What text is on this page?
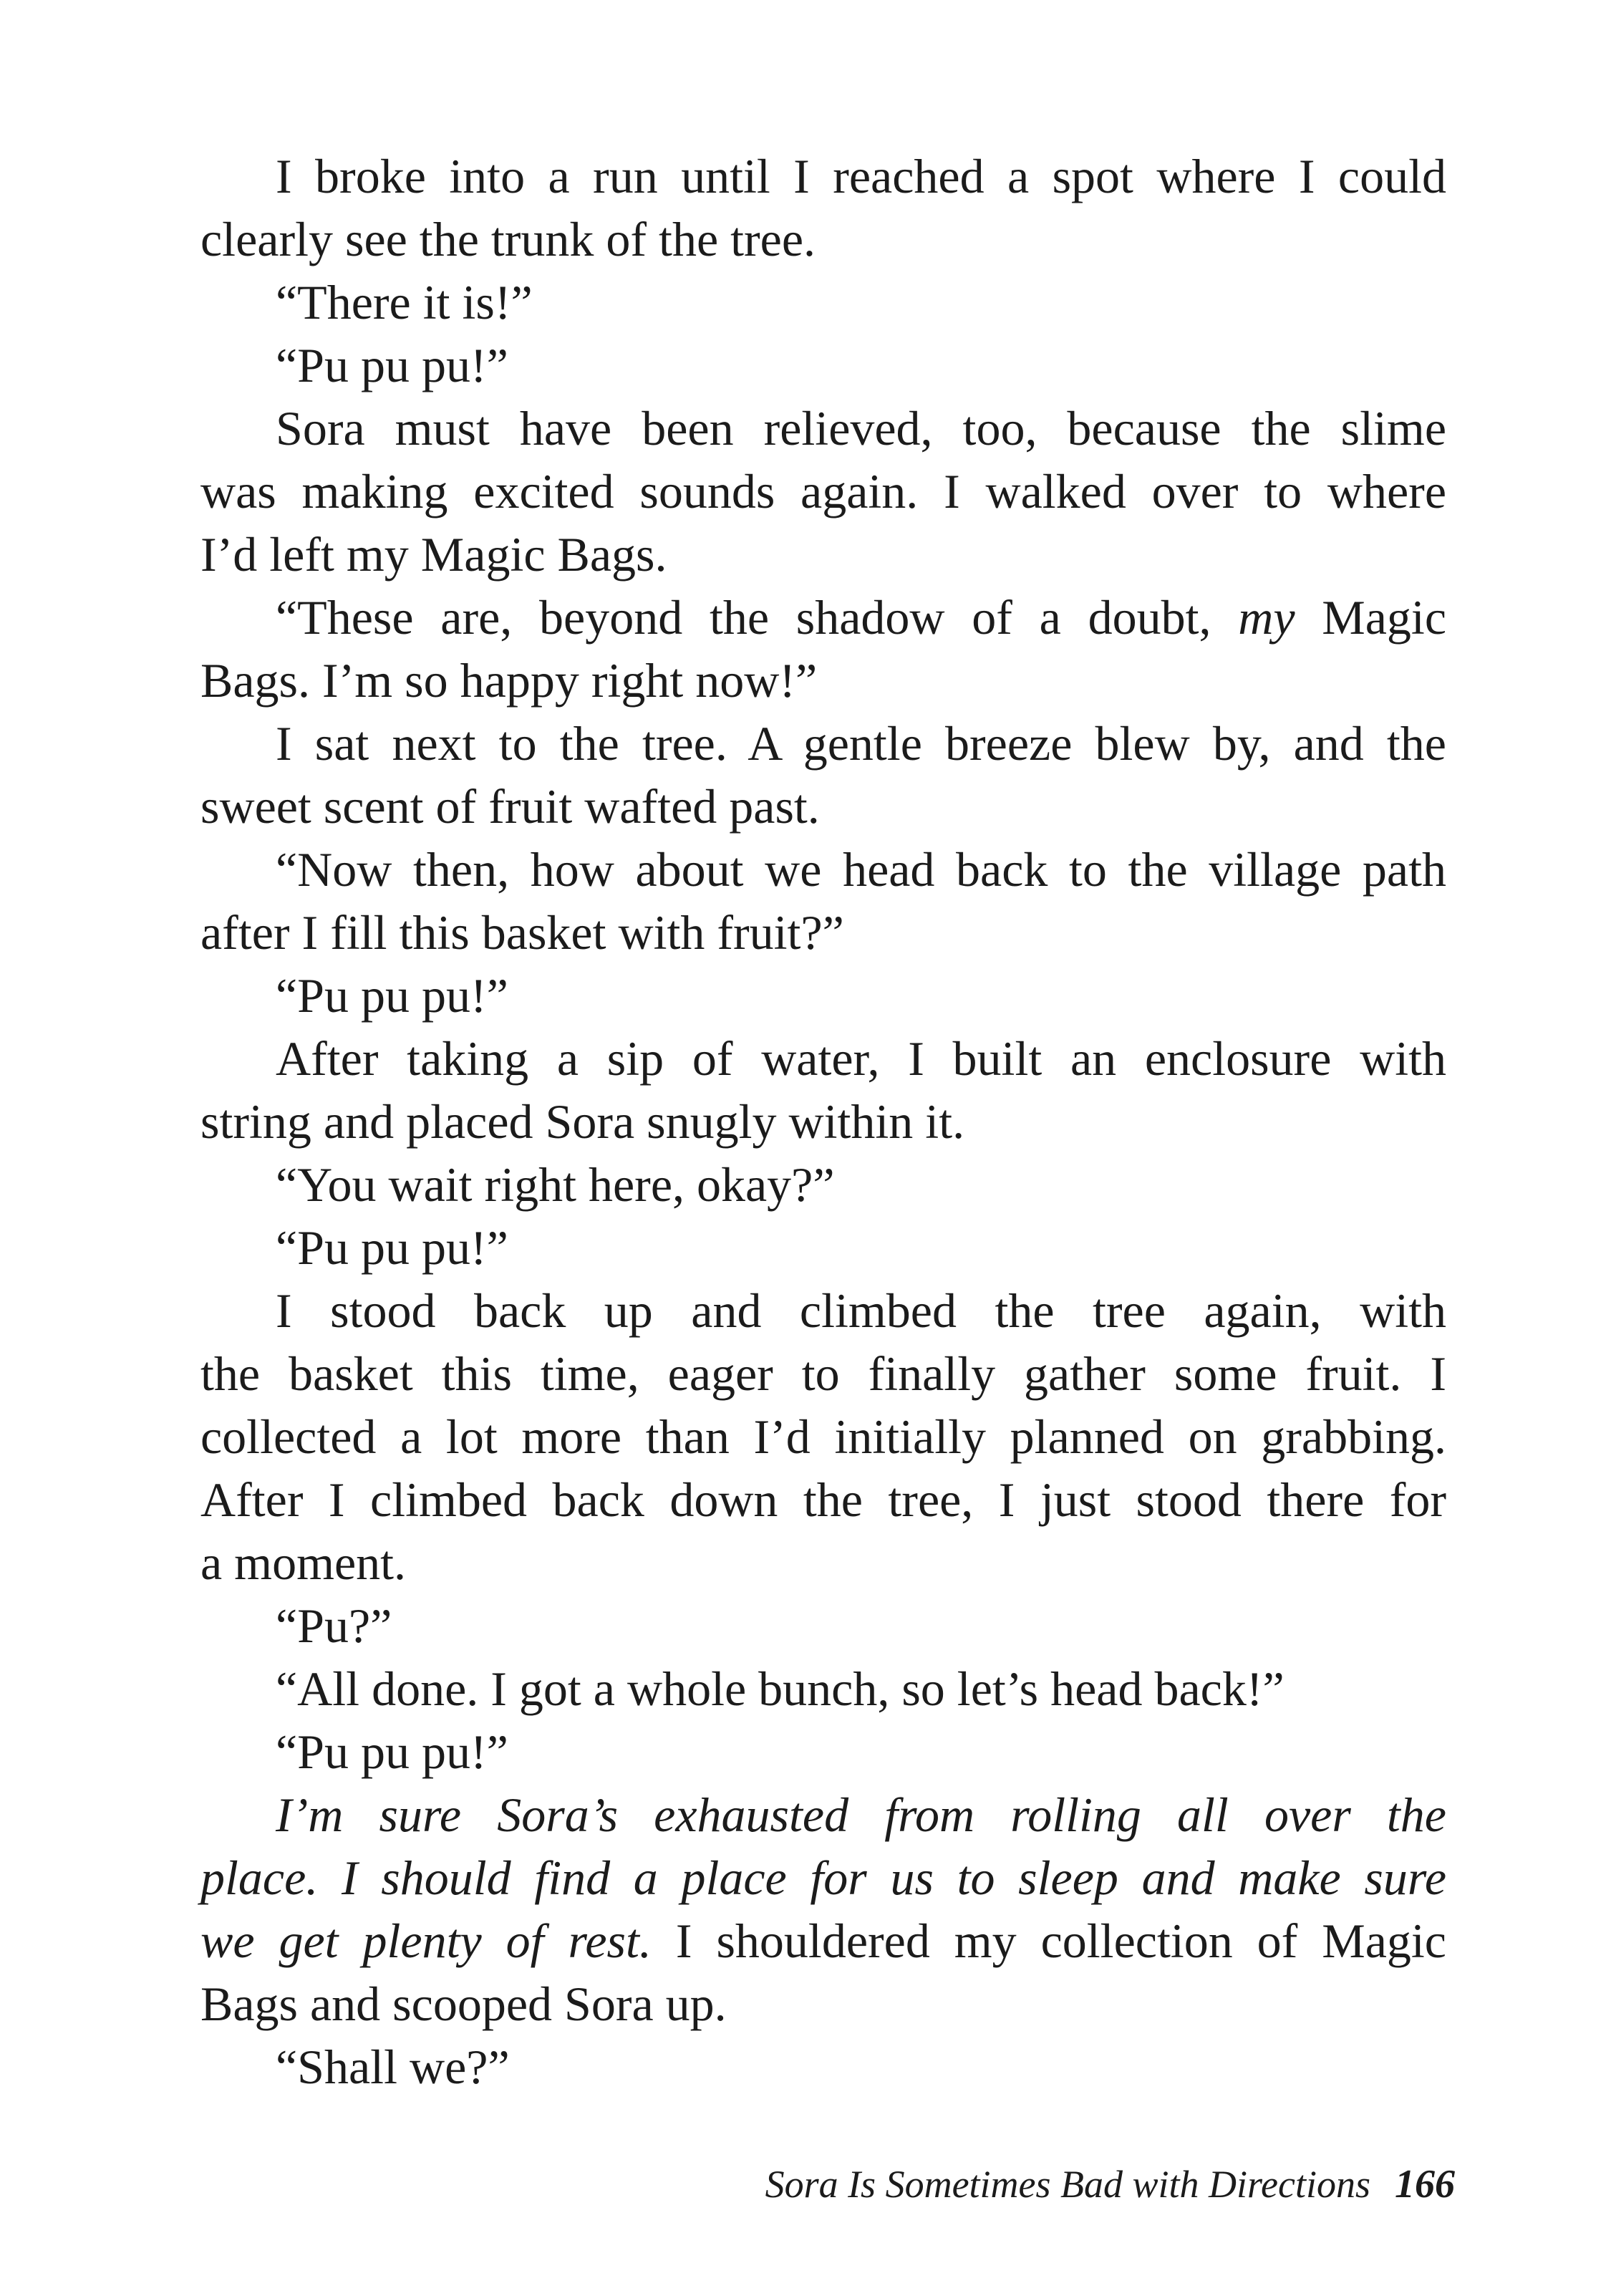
I broke into a run until I reached a spot where I could
clearly see the trunk of the tree.
“There it is!”
“Pu pu pu!”
Sora must have been relieved, too, because the slime
was making excited sounds again. I walked over to where
I’d left my Magic Bags.
“These are, beyond the shadow of a doubt, my Magic
Bags. I’m so happy right now!”
I sat next to the tree. A gentle breeze blew by, and the
sweet scent of fruit wafted past.
“Now then, how about we head back to the village path
after I fill this basket with fruit?”
“Pu pu pu!”
After taking a sip of water, I built an enclosure with
string and placed Sora snugly within it.
“You wait right here, okay?”
“Pu pu pu!”
I stood back up and climbed the tree again, with
the basket this time, eager to finally gather some fruit. I
collected a lot more than I’d initially planned on grabbing.
After I climbed back down the tree, I just stood there for
a moment.
“Pu?”
“All done. I got a whole bunch, so let’s head back!”
“Pu pu pu!”
I’m sure Sora’s exhausted from rolling all over the
place. I should find a place for us to sleep and make sure
we get plenty of rest. I shouldered my collection of Magic
Bags and scooped Sora up.
“Shall we?”
Sora Is Sometimes Bad with Directions 166
